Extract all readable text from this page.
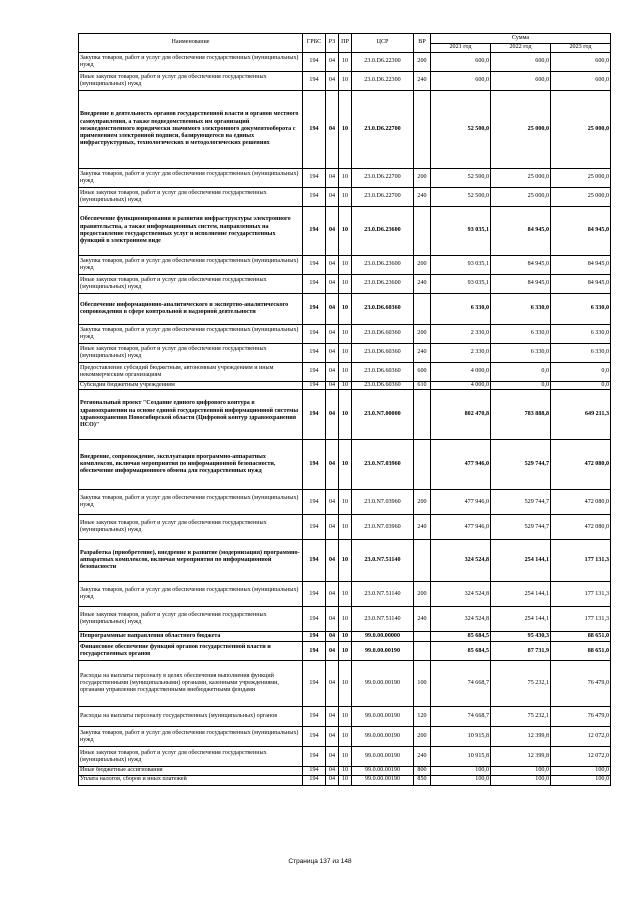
Наименование	ГРБС	РЗ	ПР	ЦСР	ВР	Сумма		
						2021 год	2022 год	2023 год
Закупка товаров, работ и услуг для обеспечения государственных (муниципальных) нужд	194	04	10	23.0.D6.22300	200	600,0	600,0	600,0
Иные закупки товаров, работ и услуг для обеспечения государственных (муниципальных) нужд	194	04	10	23.0.D6.22300	240	600,0	600,0	600,0
Внедрение в деятельность органов государственной власти и органов местного самоуправления, а также подведомственных им организаций межведомственного юридически значимого электронного документооборота с применением электронной подписи, базирующегося на единых инфраструктурных, технологических и методологических решениях	194	04	10	23.0.D6.22700		52 500,0	25 000,0	25 000,0
Закупка товаров, работ и услуг для обеспечения государственных (муниципальных) нужд	194	04	10	23.0.D6.22700	200	52 500,0	25 000,0	25 000,0
Иные закупки товаров, работ и услуг для обеспечения государственных (муниципальных) нужд	194	04	10	23.0.D6.22700	240	52 500,0	25 000,0	25 000,0
Обеспечение функционирования и развития инфраструктуры электронного правительства, а также информационных систем, направленных на предоставление государственных услуг и исполнение государственных функций в электронном виде	194	04	10	23.0.D6.23600		93 035,1	84 945,0	84 945,0
Закупка товаров, работ и услуг для обеспечения государственных (муниципальных) нужд	194	04	10	23.0.D6.23600	200	93 035,1	84 945,0	84 945,0
Иные закупки товаров, работ и услуг для обеспечения государственных (муниципальных) нужд	194	04	10	23.0.D6.23600	240	93 035,1	84 945,0	84 945,0
Обеспечение информационно-аналитического и экспертно-аналитического сопровождения в сфере контрольной и надзорной деятельности	194	04	10	23.0.D6.60360		6 330,0	6 330,0	6 330,0
Закупка товаров, работ и услуг для обеспечения государственных (муниципальных) нужд	194	04	10	23.0.D6.60360	200	2 330,0	6 330,0	6 330,0
Иные закупки товаров, работ и услуг для обеспечения государственных (муниципальных) нужд	194	04	10	23.0.D6.60360	240	2 330,0	6 330,0	6 330,0
Предоставление субсидий бюджетным, автономным учреждениям и иным некоммерческим организациям	194	04	10	23.0.D6.60360	600	4 000,0	0,0	0,0
Субсидии бюджетным учреждениям	194	04	10	23.0.D6.60360	610	4 000,0	0,0	0,0
Региональный проект "Создание единого цифрового контура в здравоохранении на основе единой государственной информационной системы здравоохранения Новосибирской области (Цифровой контур здравоохранения НСО)"	194	04	10	23.0.N7.00000		802 470,8	783 888,8	649 211,3
Внедрение, сопровождение, эксплуатация программно-аппаратных комплексов, включая мероприятия по информационной безопасности, обеспечение информационного обмена для государственных нужд	194	04	10	23.0.N7.03960		477 946,0	529 744,7	472 080,0
Закупка товаров, работ и услуг для обеспечения государственных (муниципальных) нужд	194	04	10	23.0.N7.03960	200	477 946,0	529 744,7	472 080,0
Иные закупки товаров, работ и услуг для обеспечения государственных (муниципальных) нужд	194	04	10	23.0.N7.03960	240	477 946,0	529 744,7	472 080,0
Разработка (приобретение), внедрение и развитие (модернизация) программно-аппаратных комплексов, включая мероприятия по информационной безопасности	194	04	10	23.0.N7.51140		324 524,8	254 144,1	177 131,3
Закупка товаров, работ и услуг для обеспечения государственных (муниципальных) нужд	194	04	10	23.0.N7.51140	200	324 524,8	254 144,1	177 131,3
Иные закупки товаров, работ и услуг для обеспечения государственных (муниципальных) нужд	194	04	10	23.0.N7.51140	240	324 524,8	254 144,1	177 131,3
Непрограммные направления областного бюджета	194	04	10	99.0.00.00000		85 684,5	95 430,3	88 651,0
Финансовое обеспечение функций органов государственной власти и государственных органов	194	04	10	99.0.00.00190		85 684,5	87 731,9	88 651,0
Расходы на выплаты персоналу в целях обеспечения выполнения функций государственными (муниципальными) органами, казенными учреждениями, органами управления государственными внебюджетными фондами	194	04	10	99.0.00.00190	100	74 668,7	75 232,1	76 479,0
Расходы на выплаты персоналу государственных (муниципальных) органов	194	04	10	99.0.00.00190	120	74 668,7	75 232,1	76 479,0
Закупка товаров, работ и услуг для обеспечения государственных (муниципальных) нужд	194	04	10	99.0.00.00190	200	10 915,8	12 399,8	12 072,0
Иные закупки товаров, работ и услуг для обеспечения государственных (муниципальных) нужд	194	04	10	99.0.00.00190	240	10 915,8	12 399,8	12 072,0
Иные бюджетные ассигнования	194	04	10	99.0.00.00190	800	100,0	100,0	100,0
Уплата налогов, сборов и иных платежей	194	04	10	99.0.00.00190	850	100,0	100,0	100,0
Страница 137 из 148
